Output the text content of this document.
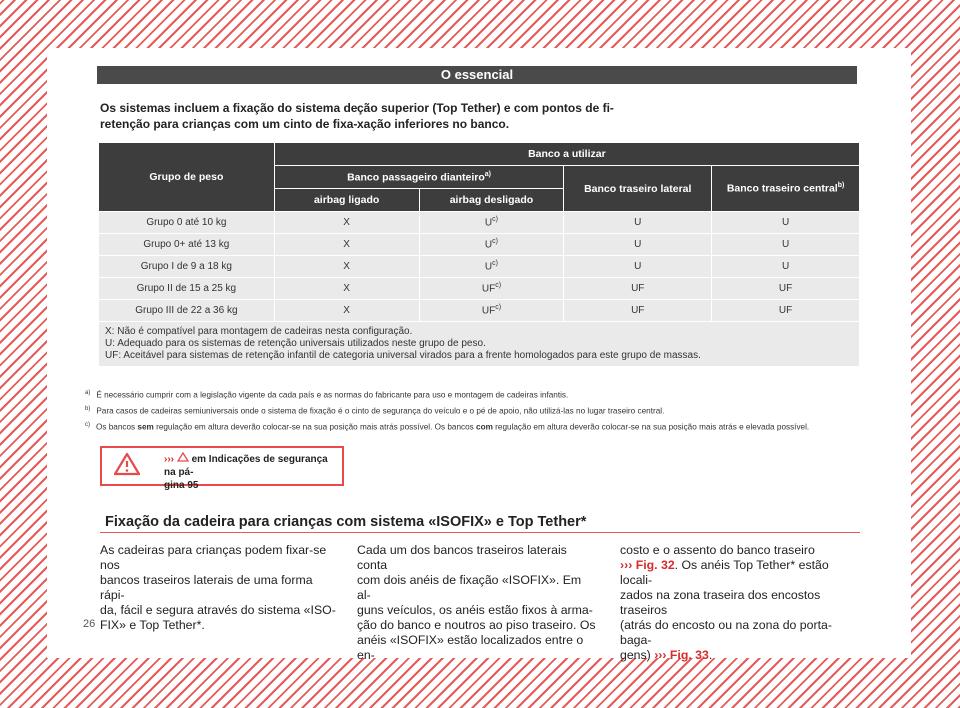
O essencial
Os sistemas incluem a fixação do sistema de
retenção para crianças com um cinto de fixa-
ção superior (Top Tether) e com pontos de fi-
xação inferiores no banco.
Grupo de peso	Banco a utilizar			
	Banco passageiro dianteiro$^{a)}$		Banco traseiro lateral	Banco traseiro central$^{b)}$
	airbag ligado	airbag desligado		
Grupo 0 até 10 kg	X	$U^{c)}$	U	U
Grupo 0+ até 13 kg	X	$U^{c)}$	U	U
Grupo I de 9 a 18 kg	X	$U^{c)}$	U	U
Grupo II de 15 a 25 kg	X	UF$^{c)}$	UF	UF
Grupo III de 22 a 36 kg	X	UF$^{c)}$	UF	UF

X: Não é compatível para montagem de cadeiras nesta configuração.
U: Adequado para os sistemas de retenção universais utilizados neste grupo de peso.
UF: Aceitável para sistemas de retenção infantil de categoria universal virados para a frente homologados para este grupo de massas.				
$^{a)}$ É necessário cumprir com a legislação vigente da cada país e as normas do fabricante para uso e montagem de cadeiras infantis.
$^{b)}$ Para casos de cadeiras semiuniversais onde o sistema de fixação é o cinto de segurança do veículo e o pé de apoio, não utilizá-las no lugar traseiro central.
$^{c)}$ Os bancos sem regulação em altura deverão colocar-se na sua posição mais atrás possível. Os bancos com regulação em altura deverão colocar-se na sua posição mais atrás e elevada possível.
››› em Indicações de segurança na pá-
gina 95
Fixação da cadeira para crianças com sistema «ISOFIX» e Top Tether*
As cadeiras para crianças podem fixar-se nos
bancos traseiros laterais de uma forma rápi-
da, fácil e segura através do sistema «ISO-
FIX» e Top Tether*.
Cada um dos bancos traseiros laterais conta
com dois anéis de fixação «ISOFIX». Em al-
guns veículos, os anéis estão fixos à arma-
ção do banco e noutros ao piso traseiro. Os
anéis «ISOFIX» estão localizados entre o en-
costo e o assento do banco traseiro
››› Fig. 32. Os anéis Top Tether* estão locali-
zados na zona traseira dos encostos traseiros
(atrás do encosto ou na zona do porta-baga-
gens) ››› Fig. 33.
26
